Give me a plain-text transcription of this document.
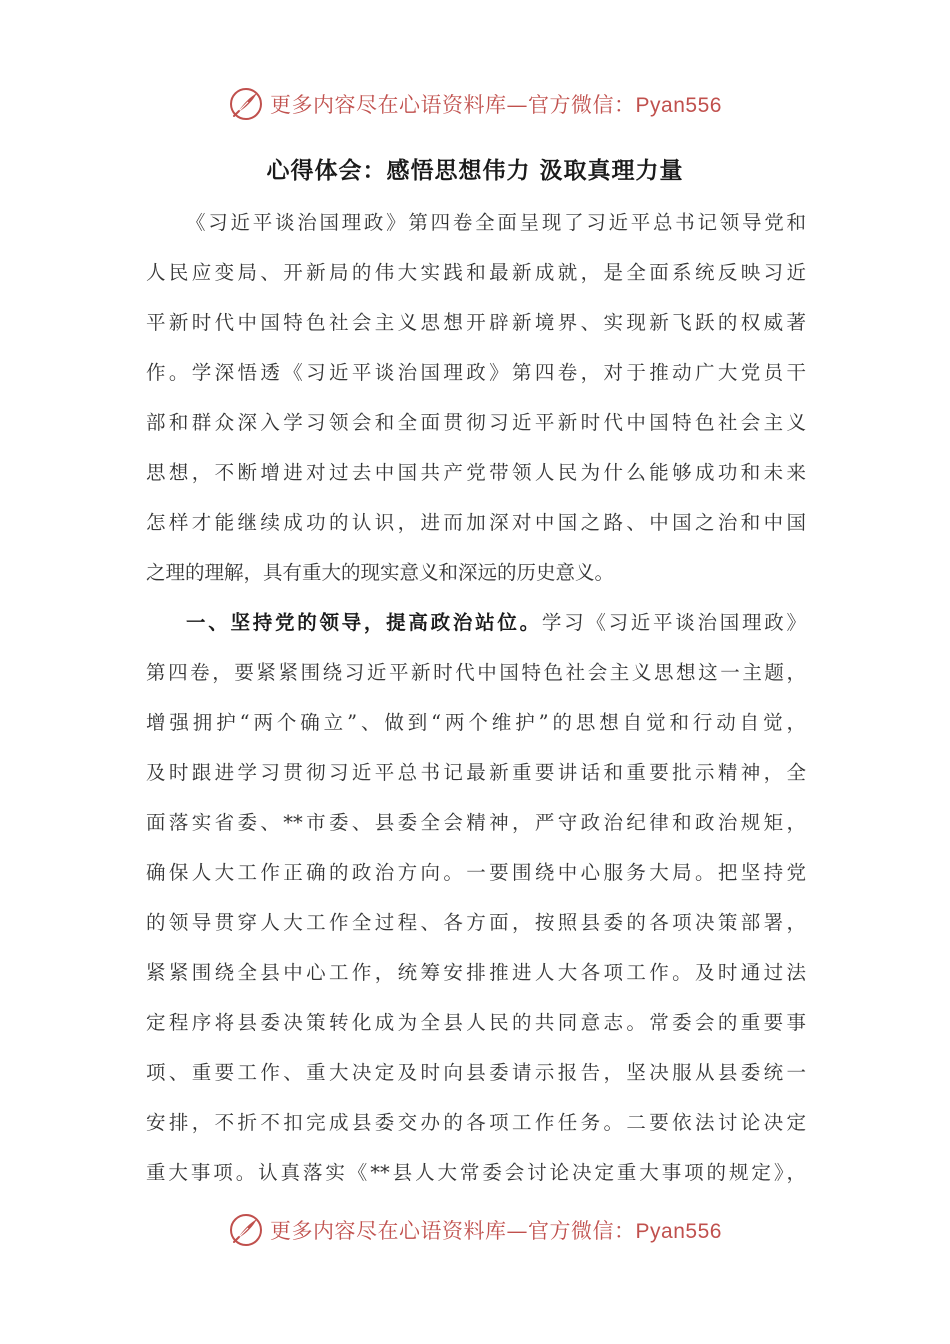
更多内容尽在心语资料库—官方微信：Pyan556
心得体会：感悟思想伟力 汲取真理力量
《习近平谈治国理政》第四卷全面呈现了习近平总书记领导党和
人民应变局、开新局的伟大实践和最新成就，是全面系统反映习近
平新时代中国特色社会主义思想开辟新境界、实现新飞跃的权威著
作。学深悟透《习近平谈治国理政》第四卷，对于推动广大党员干
部和群众深入学习领会和全面贯彻习近平新时代中国特色社会主义
思想，不断增进对过去中国共产党带领人民为什么能够成功和未来
怎样才能继续成功的认识，进而加深对中国之路、中国之治和中国
之理的理解，具有重大的现实意义和深远的历史意义。
一、坚持党的领导，提高政治站位。学习《习近平谈治国理政》
第四卷，要紧紧围绕习近平新时代中国特色社会主义思想这一主题，
增强拥护“两个确立”、做到“两个维护”的思想自觉和行动自觉，
及时跟进学习贯彻习近平总书记最新重要讲话和重要批示精神，全
面落实省委、**市委、县委全会精神，严守政治纪律和政治规矩，
确保人大工作正确的政治方向。一要围绕中心服务大局。把坚持党
的领导贯穿人大工作全过程、各方面，按照县委的各项决策部署，
紧紧围绕全县中心工作，统筹安排推进人大各项工作。及时通过法
定程序将县委决策转化成为全县人民的共同意志。常委会的重要事
项、重要工作、重大决定及时向县委请示报告，坚决服从县委统一
安排，不折不扣完成县委交办的各项工作任务。二要依法讨论决定
重大事项。认真落实《**县人大常委会讨论决定重大事项的规定》，
更多内容尽在心语资料库—官方微信：Pyan556
